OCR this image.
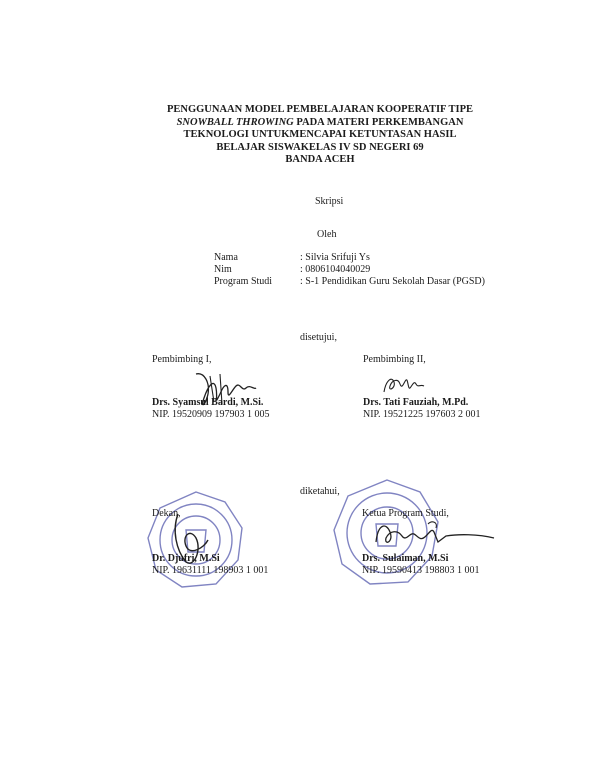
PENGGUNAAN MODEL PEMBELAJARAN KOOPERATIF TIPE
SNOWBALL THROWING PADA MATERI PERKEMBANGAN
TEKNOLOGI UNTUKMENCAPAI KETUNTASAN HASIL
BELAJAR SISWAKELAS IV SD NEGERI 69
BANDA ACEH
Skripsi
Oleh
Nama	: Silvia Srifuji Ys
Nim	: 0806104040029
Program Studi	: S-1 Pendidikan Guru Sekolah Dasar (PGSD)
disetujui,
Pembimbing I,	Pembimbing II,
Drs. Syamsul Bardi, M.Si.
NIP. 19520909 197903 1 005
Drs. Tati Fauziah, M.Pd.
NIP. 19521225 197603 2 001
diketahui,
Dekan,	Ketua Program Studi,
Dr. Djufri, M.Si
NIP. 19631111 198903 1 001
Drs. Sulaiman, M.Si
NIP. 19590413 198803 1 001
